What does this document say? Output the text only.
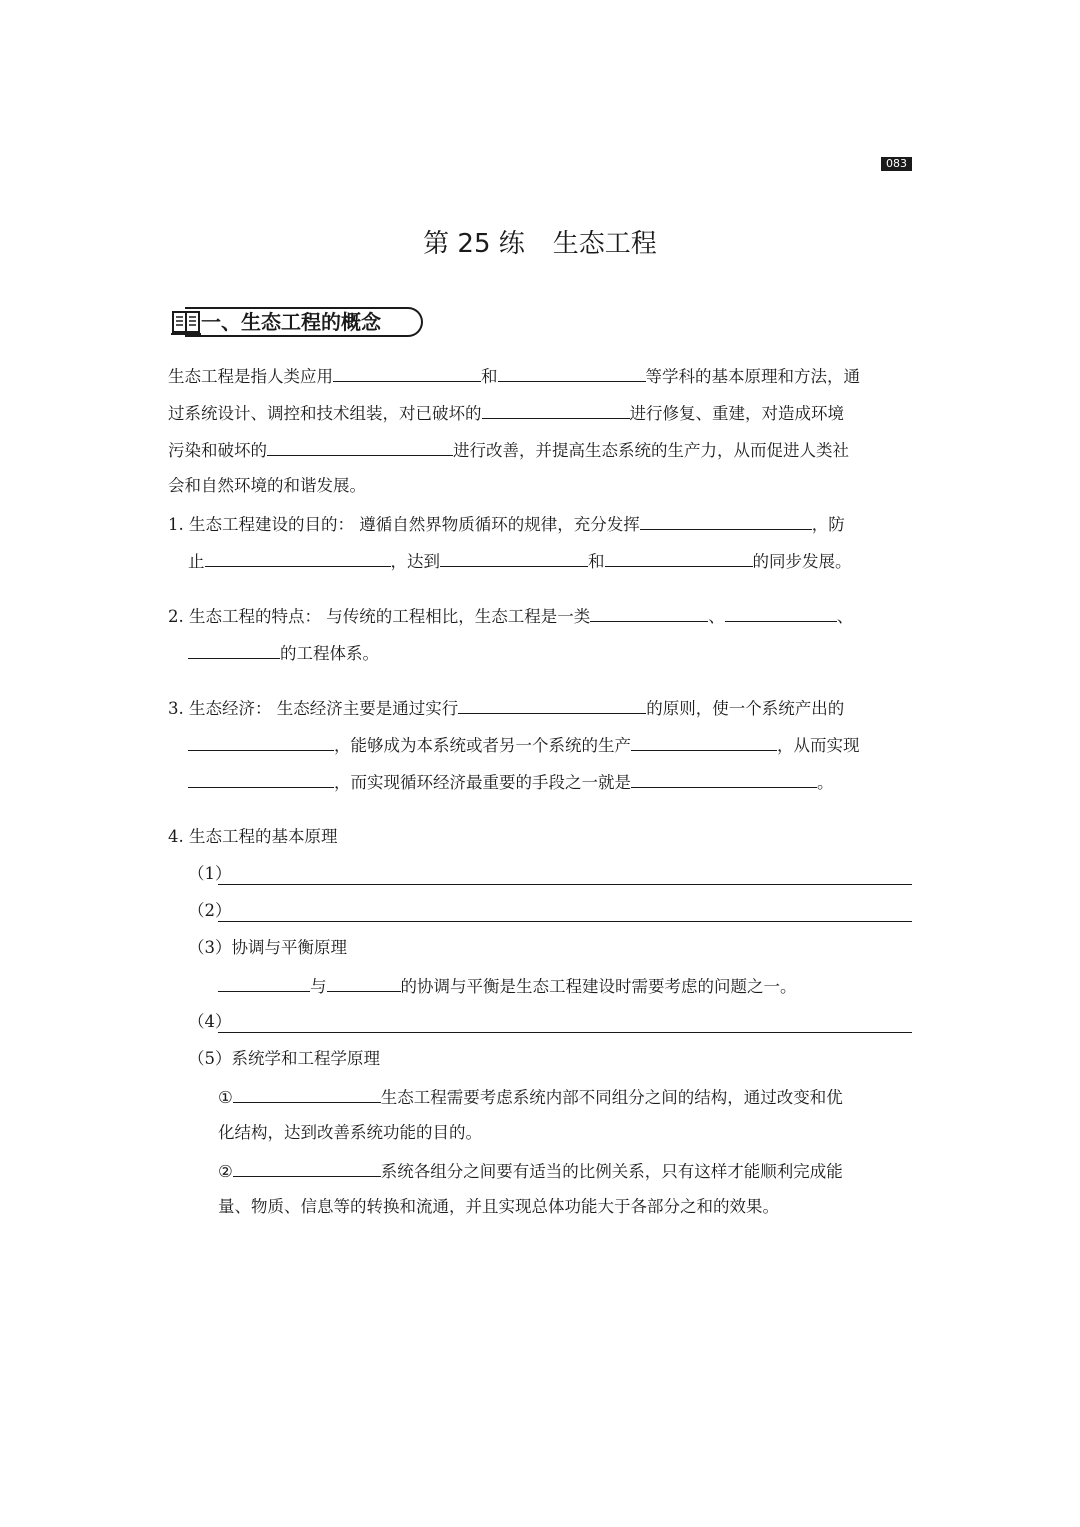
083
第 25 练 生态工程
一、生态工程的概念
生态工程是指人类应用	和	等学科的基本原理和方法，通
过系统设计、调控和技术组装，对已破坏的	进行修复、重建，对造成环境
污染和破坏的	进行改善，并提高生态系统的生产力，从而促进人类社
会和自然环境的和谐发展。
1. 生态工程建设的目的： 遵循自然界物质循环的规律，充分发挥	，防
止	，达到	和	的同步发展。
2. 生态工程的特点： 与传统的工程相比，生态工程是一类	、	、
的工程体系。
3. 生态经济： 生态经济主要是通过实行	的原则，使一个系统产出的
，能够成为本系统或者另一个系统的生产	，从而实现
，而实现循环经济最重要的手段之一就是	。
4. 生态工程的基本原理
（1）
（2）
（3）协调与平衡原理
与	的协调与平衡是生态工程建设时需要考虑的问题之一。
（4）
（5）系统学和工程学原理
①	生态工程需要考虑系统内部不同组分之间的结构，通过改变和优
化结构，达到改善系统功能的目的。
②	系统各组分之间要有适当的比例关系，只有这样才能顺利完成能
量、物质、信息等的转换和流通，并且实现总体功能大于各部分之和的效果。
